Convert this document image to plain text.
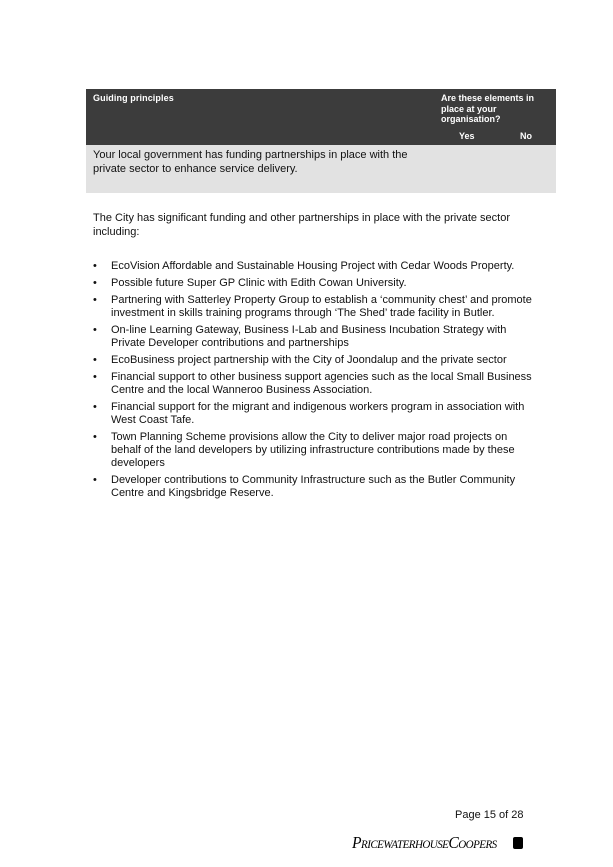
Guiding principles	Are these elements in place at your organisation?
Yes	No
Your local government has funding partnerships in place with the private sector to enhance service delivery.
The City has significant funding and other partnerships in place with the private sector including:
• EcoVision Affordable and Sustainable Housing Project with Cedar Woods Property.
• Possible future Super GP Clinic with Edith Cowan University.
• Partnering with Satterley Property Group to establish a ‘community chest’ and promote investment in skills training programs through ‘The Shed’ trade facility in Butler.
• On-line Learning Gateway, Business I-Lab and Business Incubation Strategy with Private Developer contributions and partnerships
• EcoBusiness project partnership with the City of Joondalup and the private sector
• Financial support to other business support agencies such as the local Small Business Centre and the local Wanneroo Business Association.
• Financial support for the migrant and indigenous workers program in association with West Coast Tafe.
• Town Planning Scheme provisions allow the City to deliver major road projects on behalf of the land developers by utilizing infrastructure contributions made by these developers
• Developer contributions to Community Infrastructure such as the Butler Community Centre and Kingsbridge Reserve.
Page 15 of 28
PricewaterhouseCoopers
